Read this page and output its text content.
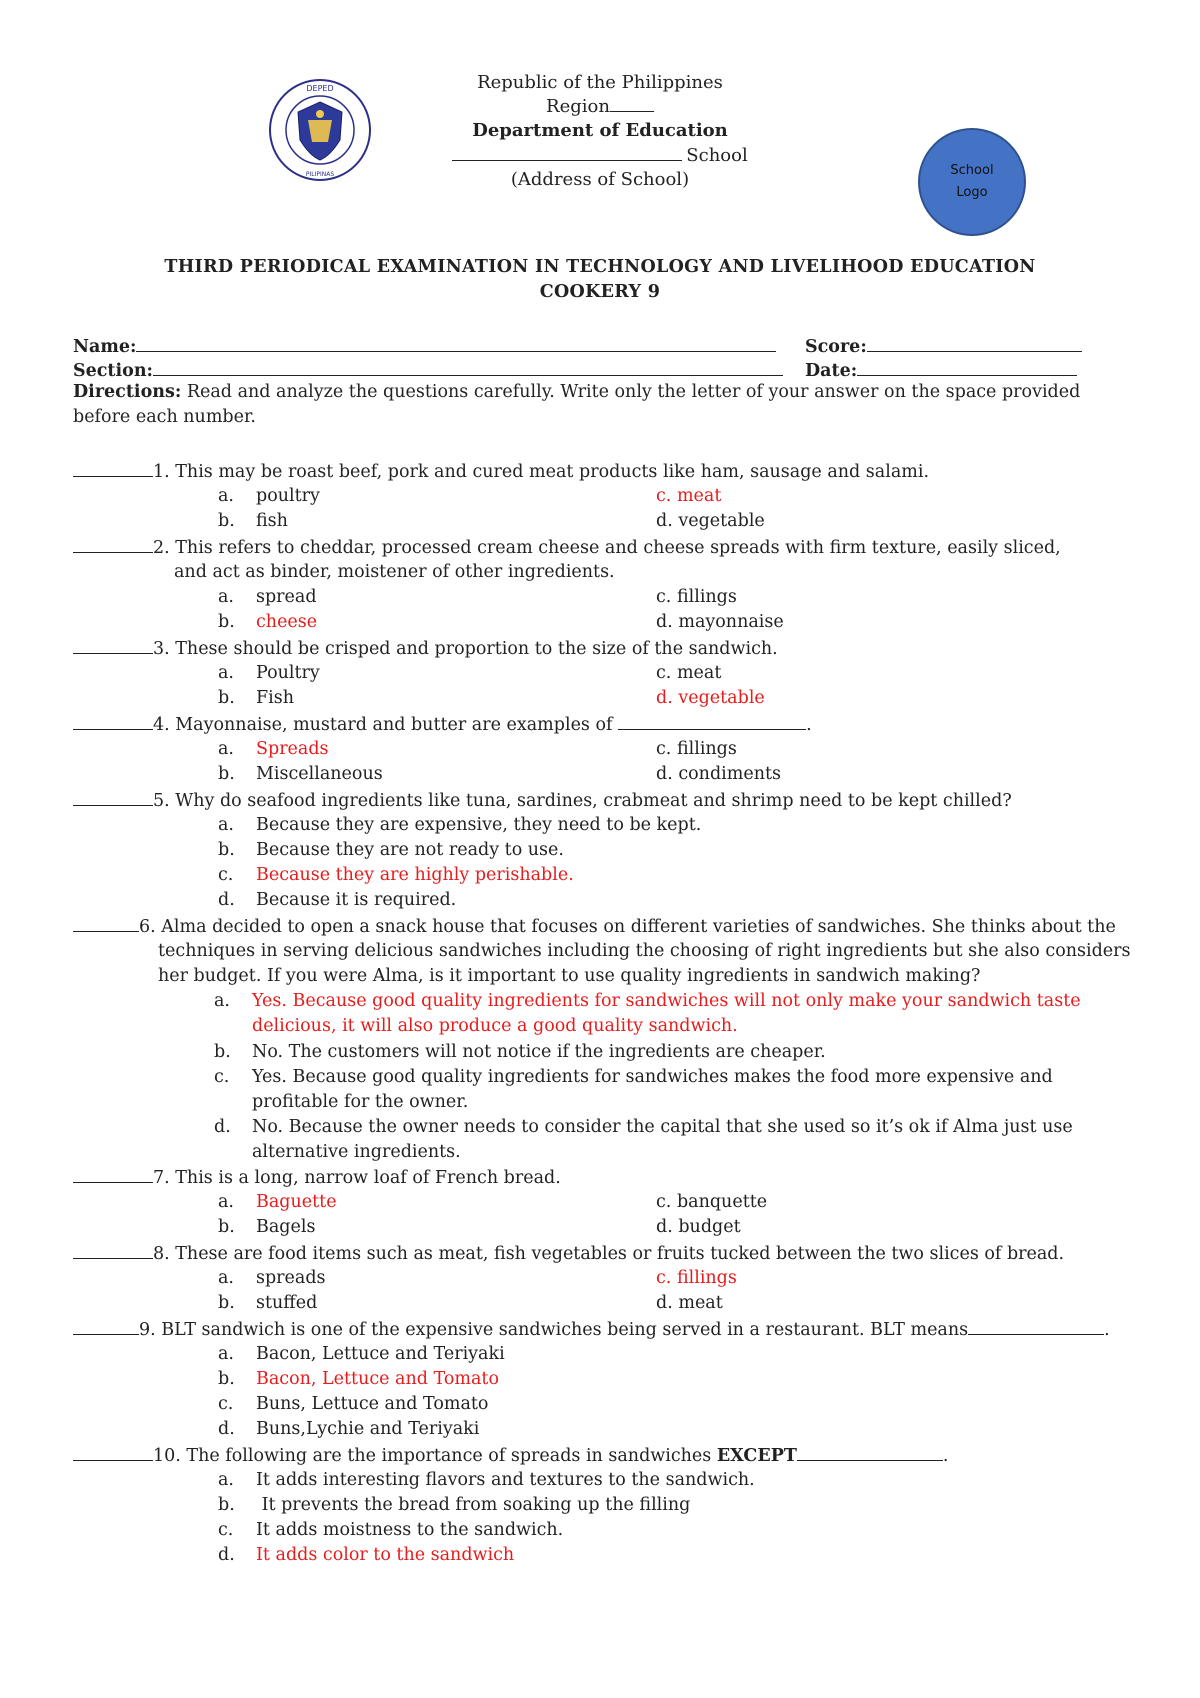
DEPED
PILIPINAS
Republic of the Philippines
Region
Department of Education
School
(Address of School)	School
Logo
THIRD PERIODICAL EXAMINATION IN TECHNOLOGY AND LIVELIHOOD EDUCATION
COOKERY 9
Name:	Score:
Section:	Date:
Directions: Read and analyze the questions carefully. Write only the letter of your answer on the space provided before each number.
1. This may be roast beef, pork and cured meat products like ham, sausage and salami.
a. poultry	c. meat
b. fish	d. vegetable
2. This refers to cheddar, processed cream cheese and cheese spreads with firm texture, easily sliced,
and act as binder, moistener of other ingredients.
a. spread	c. fillings
b. cheese	d. mayonnaise
3. These should be crisped and proportion to the size of the sandwich.
a. Poultry	c. meat
b. Fish	d. vegetable
4. Mayonnaise, mustard and butter are examples of	.
a. Spreads	c. fillings
b. Miscellaneous	d. condiments
5. Why do seafood ingredients like tuna, sardines, crabmeat and shrimp need to be kept chilled?
a. Because they are expensive, they need to be kept.
b. Because they are not ready to use.
c. Because they are highly perishable.
d. Because it is required.
6. Alma decided to open a snack house that focuses on different varieties of sandwiches. She thinks about the
techniques in serving delicious sandwiches including the choosing of right ingredients but she also considers
her budget. If you were Alma, is it important to use quality ingredients in sandwich making?
a. Yes. Because good quality ingredients for sandwiches will not only make your sandwich taste
delicious, it will also produce a good quality sandwich.
b. No. The customers will not notice if the ingredients are cheaper.
c. Yes. Because good quality ingredients for sandwiches makes the food more expensive and
profitable for the owner.
d. No. Because the owner needs to consider the capital that she used so it’s ok if Alma just use
alternative ingredients.
7. This is a long, narrow loaf of French bread.
a. Baguette	c. banquette
b. Bagels	d. budget
8. These are food items such as meat, fish vegetables or fruits tucked between the two slices of bread.
a. spreads	c. fillings
b. stuffed	d. meat
9. BLT sandwich is one of the expensive sandwiches being served in a restaurant. BLT means	.
a. Bacon, Lettuce and Teriyaki
b. Bacon, Lettuce and Tomato
c. Buns, Lettuce and Tomato
d. Buns,Lychie and Teriyaki
10. The following are the importance of spreads in sandwiches EXCEPT	.
a. It adds interesting flavors and textures to the sandwich.
b. It prevents the bread from soaking up the filling
c. It adds moistness to the sandwich.
d. It adds color to the sandwich
